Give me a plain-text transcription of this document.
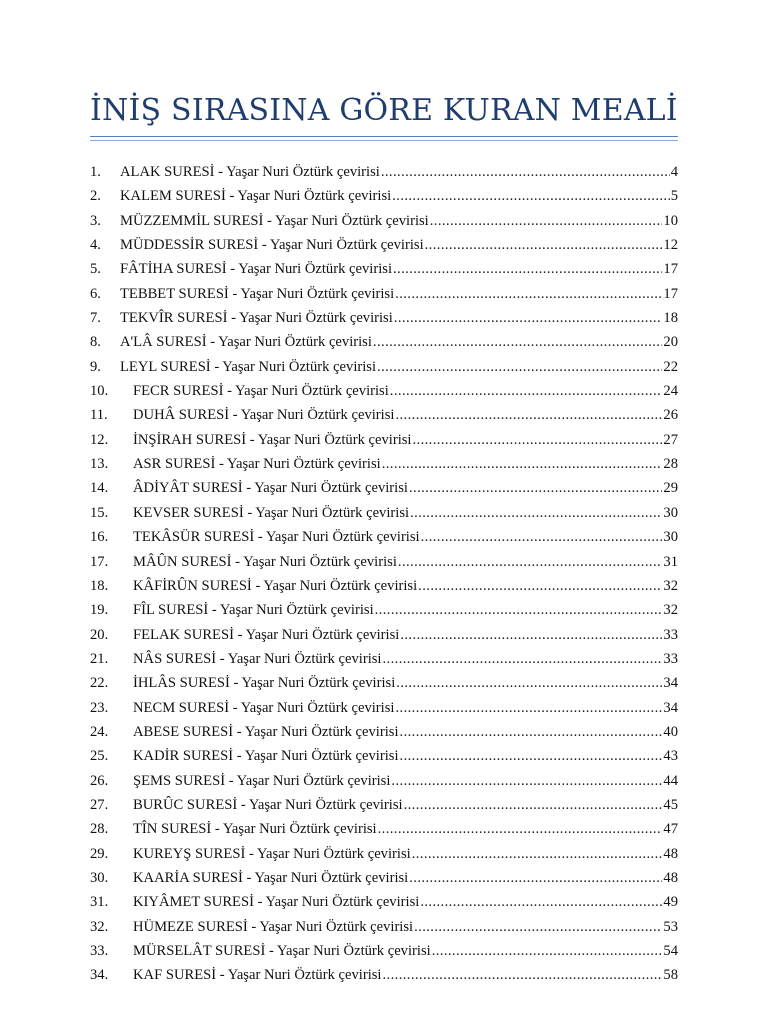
İNİŞ SIRASINA GÖRE KURAN MEALİ
1.	ALAK SURESİ - Yaşar Nuri Öztürk çevirisi .....	4
2.	KALEM SURESİ - Yaşar Nuri Öztürk çevirisi .....	5
3.	MÜZZEMMİL SURESİ - Yaşar Nuri Öztürk çevirisi .....	10
4.	MÜDDESSİR SURESİ - Yaşar Nuri Öztürk çevirisi .....	12
5.	FÂTİHA SURESİ - Yaşar Nuri Öztürk çevirisi .....	17
6.	TEBBET SURESİ - Yaşar Nuri Öztürk çevirisi .....	17
7.	TEKVÎR SURESİ - Yaşar Nuri Öztürk çevirisi .....	18
8.	A'LÂ SURESİ - Yaşar Nuri Öztürk çevirisi .....	20
9.	LEYL SURESİ - Yaşar Nuri Öztürk çevirisi .....	22
10.	FECR SURESİ - Yaşar Nuri Öztürk çevirisi .....	24
11.	DUHÂ SURESİ - Yaşar Nuri Öztürk çevirisi .....	26
12.	İNŞİRAH SURESİ - Yaşar Nuri Öztürk çevirisi .....	27
13.	ASR SURESİ - Yaşar Nuri Öztürk çevirisi .....	28
14.	ÂDİYÂT SURESİ - Yaşar Nuri Öztürk çevirisi .....	29
15.	KEVSER SURESİ - Yaşar Nuri Öztürk çevirisi .....	30
16.	TEKÂSÜR SURESİ - Yaşar Nuri Öztürk çevirisi .....	30
17.	MÂÛN SURESİ - Yaşar Nuri Öztürk çevirisi .....	31
18.	KÂFİRÛN SURESİ - Yaşar Nuri Öztürk çevirisi .....	32
19.	FÎL SURESİ - Yaşar Nuri Öztürk çevirisi .....	32
20.	FELAK SURESİ - Yaşar Nuri Öztürk çevirisi .....	33
21.	NÂS SURESİ - Yaşar Nuri Öztürk çevirisi .....	33
22.	İHLÂS SURESİ - Yaşar Nuri Öztürk çevirisi .....	34
23.	NECM SURESİ - Yaşar Nuri Öztürk çevirisi .....	34
24.	ABESE SURESİ - Yaşar Nuri Öztürk çevirisi .....	40
25.	KADİR SURESİ - Yaşar Nuri Öztürk çevirisi .....	43
26.	ŞEMS SURESİ - Yaşar Nuri Öztürk çevirisi .....	44
27.	BURÛC SURESİ - Yaşar Nuri Öztürk çevirisi .....	45
28.	TÎN SURESİ - Yaşar Nuri Öztürk çevirisi .....	47
29.	KUREYŞ SURESİ - Yaşar Nuri Öztürk çevirisi .....	48
30.	KAARİA SURESİ - Yaşar Nuri Öztürk çevirisi .....	48
31.	KIYÂMET SURESİ - Yaşar Nuri Öztürk çevirisi .....	49
32.	HÜMEZE SURESİ - Yaşar Nuri Öztürk çevirisi .....	53
33.	MÜRSELÂT SURESİ - Yaşar Nuri Öztürk çevirisi .....	54
34.	KAF SURESİ - Yaşar Nuri Öztürk çevirisi .....	58
